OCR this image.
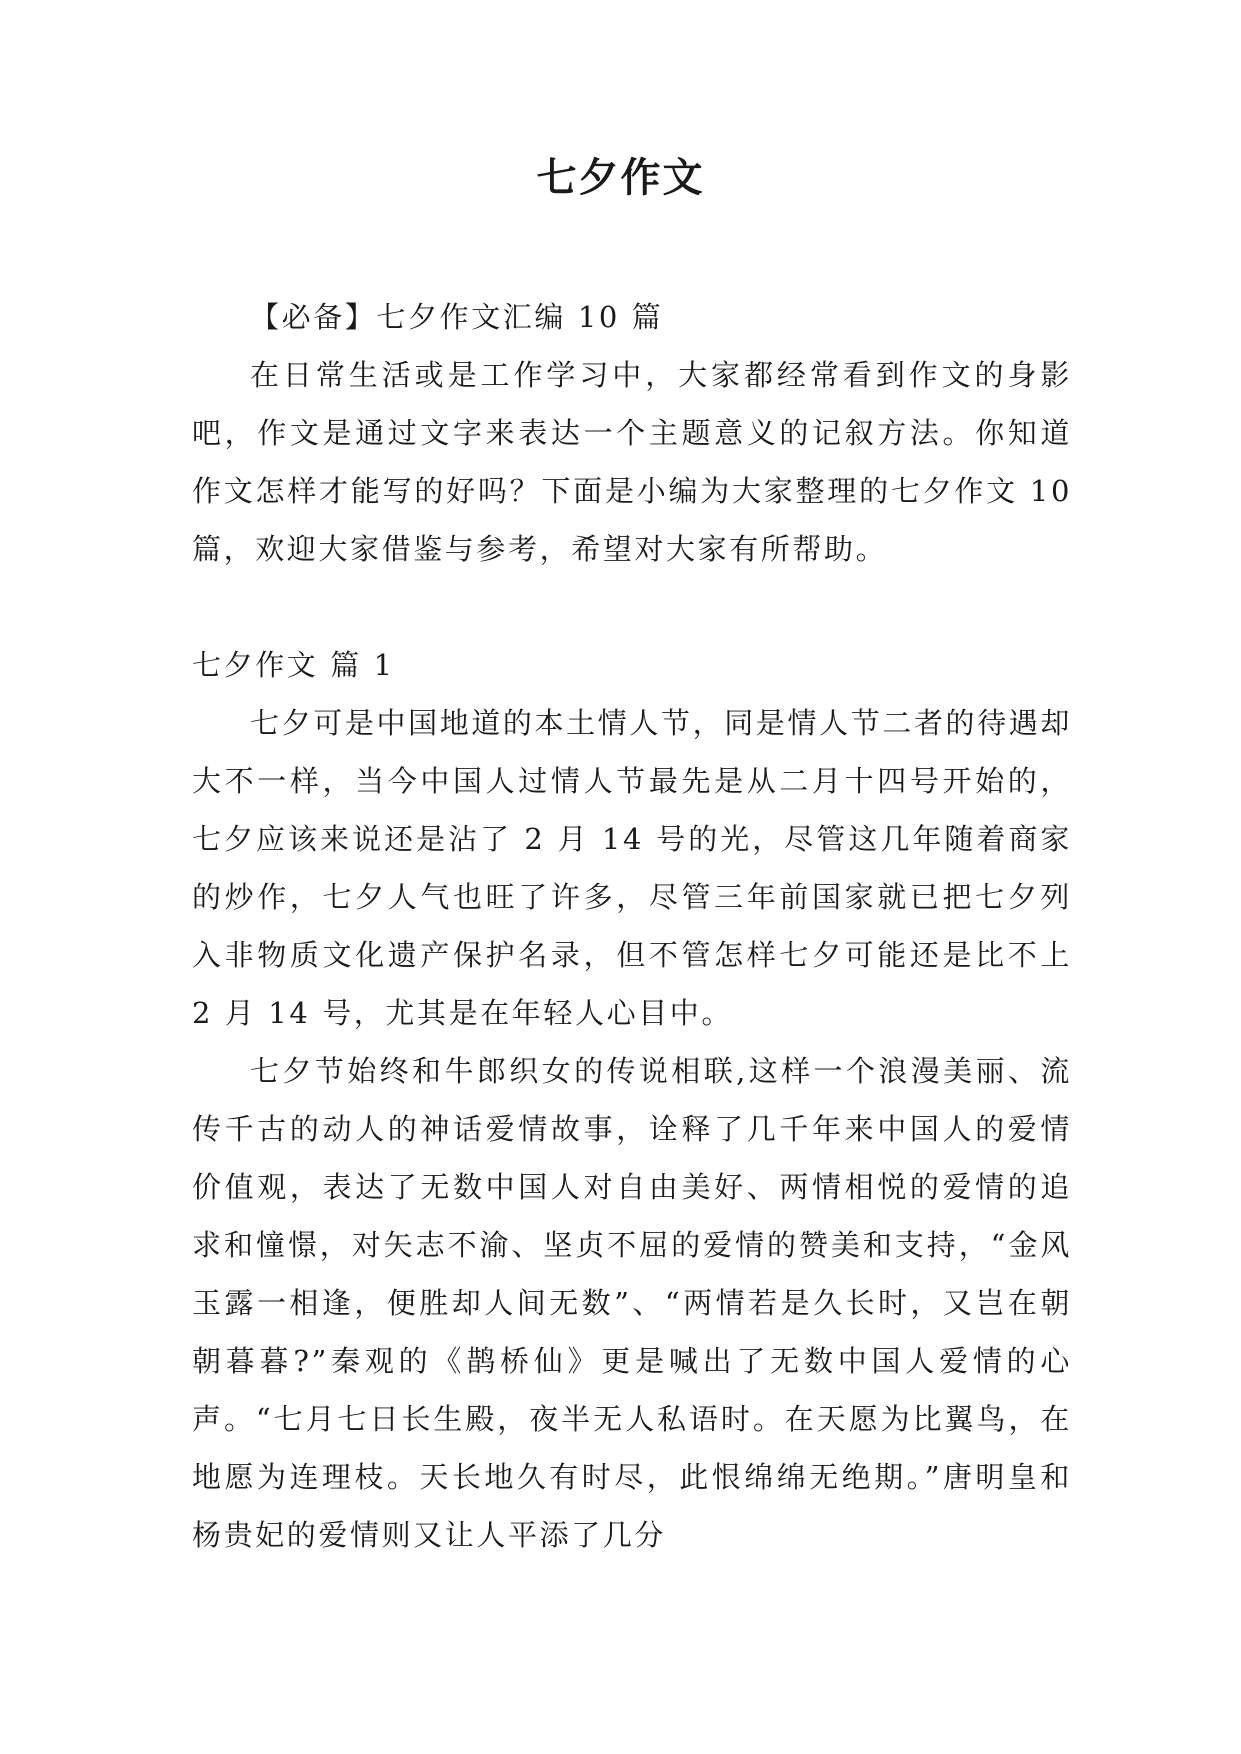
七夕作文

【必备】七夕作文汇编 10 篇

在日常生活或是工作学习中，大家都经常看到作文的身影吧，作文是通过文字来表达一个主题意义的记叙方法。你知道作文怎样才能写的好吗？下面是小编为大家整理的七夕作文 10 篇，欢迎大家借鉴与参考，希望对大家有所帮助。

七夕作文 篇 1

七夕可是中国地道的本土情人节，同是情人节二者的待遇却大不一样，当今中国人过情人节最先是从二月十四号开始的，七夕应该来说还是沾了 2 月 14 号的光，尽管这几年随着商家的炒作，七夕人气也旺了许多，尽管三年前国家就已把七夕列入非物质文化遗产保护名录，但不管怎样七夕可能还是比不上 2 月 14 号，尤其是在年轻人心目中。

七夕节始终和牛郎织女的传说相联,这样一个浪漫美丽、流传千古的动人的神话爱情故事，诠释了几千年来中国人的爱情价值观，表达了无数中国人对自由美好、两情相悦的爱情的追求和憧憬，对矢志不渝、坚贞不屈的爱情的赞美和支持，“金风玉露一相逢，便胜却人间无数”、“两情若是久长时，又岂在朝朝暮暮?”秦观的《鹊桥仙》更是喊出了无数中国人爱情的心声。“七月七日长生殿，夜半无人私语时。在天愿为比翼鸟，在地愿为连理枝。天长地久有时尽，此恨绵绵无绝期。”唐明皇和杨贵妃的爱情则又让人平添了几分
